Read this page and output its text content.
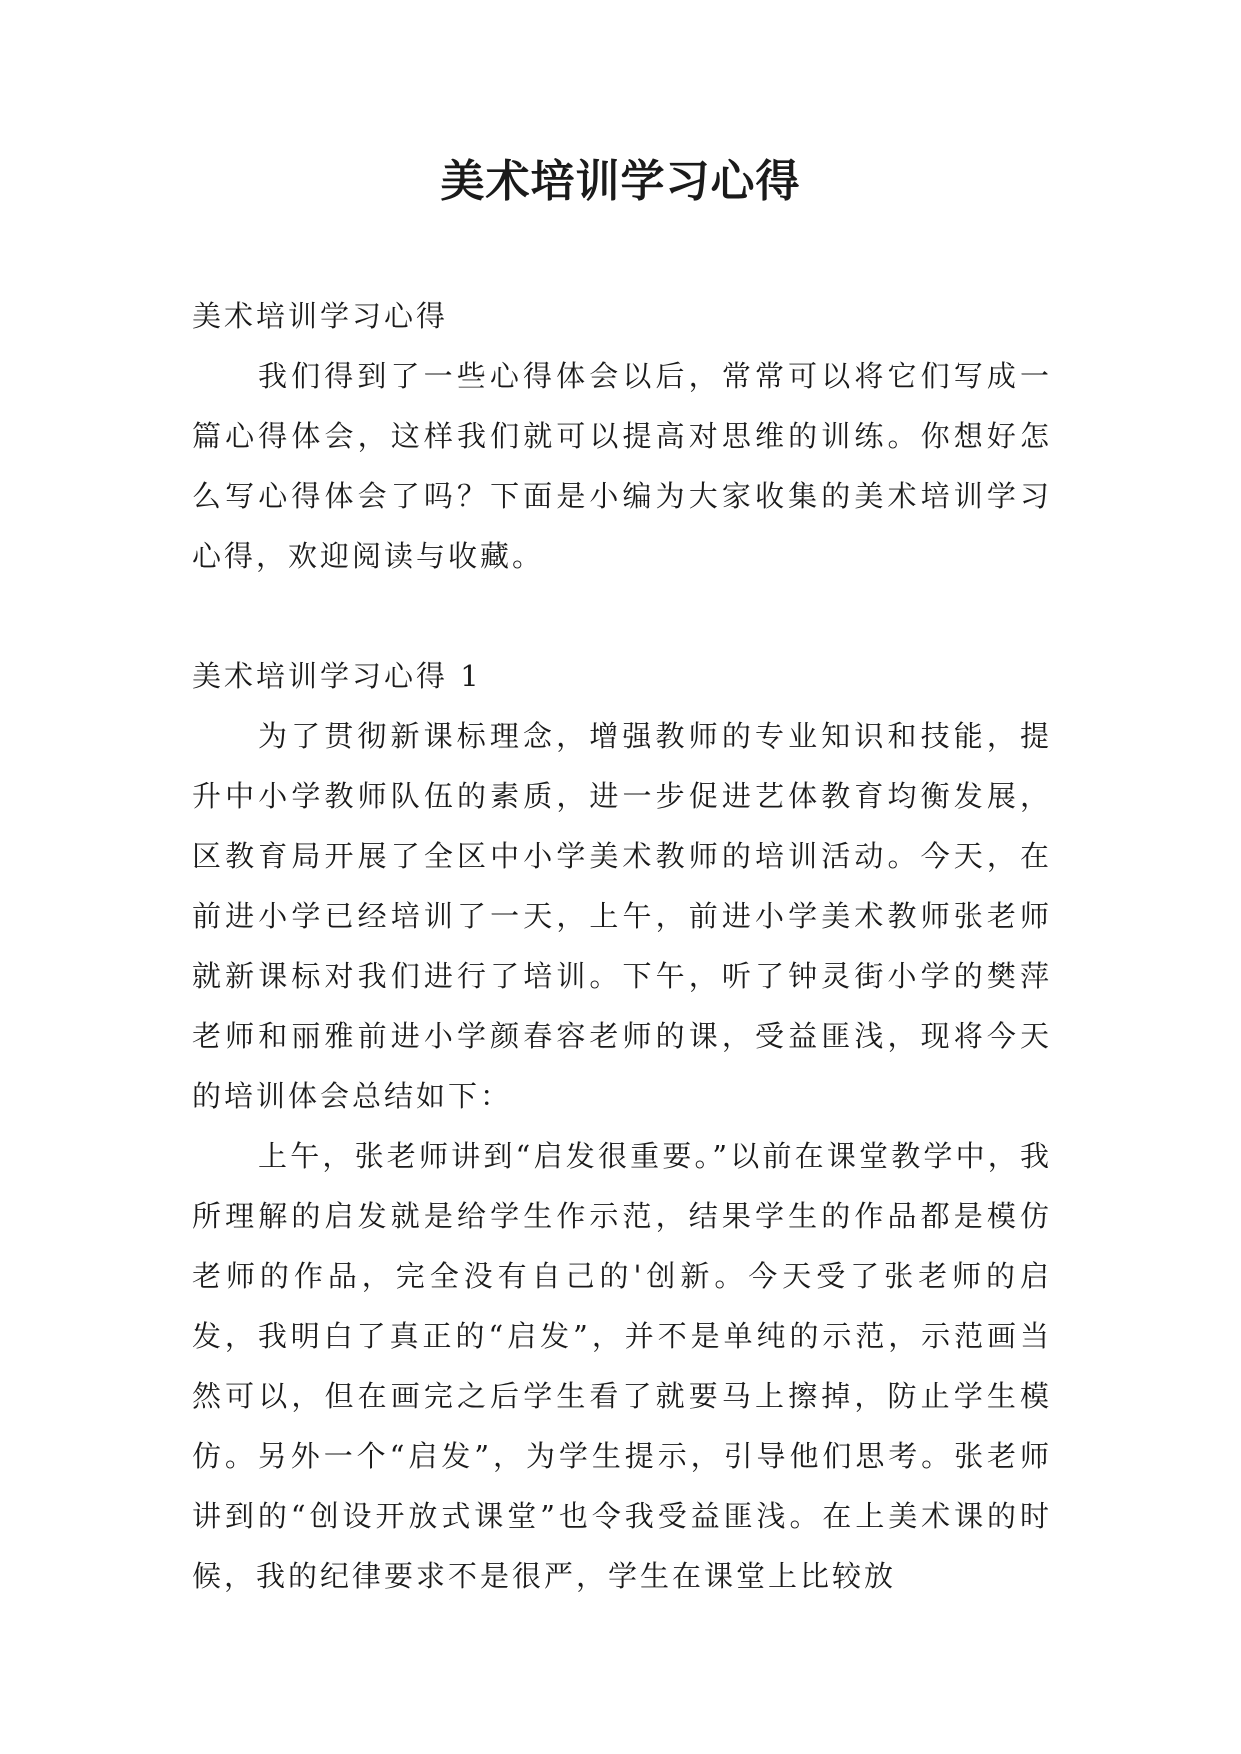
美术培训学习心得

美术培训学习心得

我们得到了一些心得体会以后，常常可以将它们写成一篇心得体会，这样我们就可以提高对思维的训练。你想好怎么写心得体会了吗？下面是小编为大家收集的美术培训学习心得，欢迎阅读与收藏。

美术培训学习心得 1

为了贯彻新课标理念，增强教师的专业知识和技能，提升中小学教师队伍的素质，进一步促进艺体教育均衡发展，区教育局开展了全区中小学美术教师的培训活动。今天，在前进小学已经培训了一天，上午，前进小学美术教师张老师就新课标对我们进行了培训。下午，听了钟灵街小学的樊萍老师和丽雅前进小学颜春容老师的课，受益匪浅，现将今天的培训体会总结如下：

上午，张老师讲到“启发很重要。”以前在课堂教学中，我所理解的启发就是给学生作示范，结果学生的作品都是模仿老师的作品，完全没有自己的'创新。今天受了张老师的启发，我明白了真正的“启发”，并不是单纯的示范，示范画当然可以，但在画完之后学生看了就要马上擦掉，防止学生模仿。另外一个“启发”，为学生提示，引导他们思考。张老师讲到的“创设开放式课堂”也令我受益匪浅。在上美术课的时候，我的纪律要求不是很严，学生在课堂上比较放
